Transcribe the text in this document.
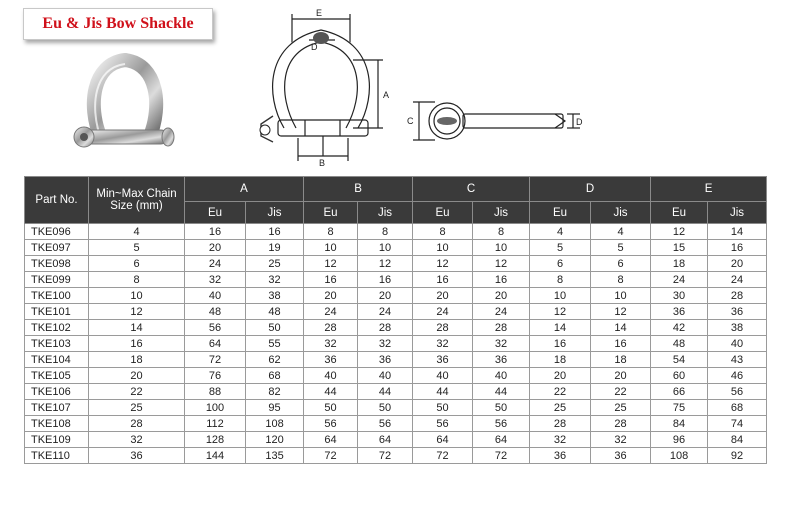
Eu & Jis Bow Shackle
E
D
A
B
C	D
Part No.	Min~Max Chain Size (mm)	A		B		C		D		E	
		Eu	Jis	Eu	Jis	Eu	Jis	Eu	Jis	Eu	Jis
TKE096	4	16	16	8	8	8	8	4	4	12	14
TKE097	5	20	19	10	10	10	10	5	5	15	16
TKE098	6	24	25	12	12	12	12	6	6	18	20
TKE099	8	32	32	16	16	16	16	8	8	24	24
TKE100	10	40	38	20	20	20	20	10	10	30	28
TKE101	12	48	48	24	24	24	24	12	12	36	36
TKE102	14	56	50	28	28	28	28	14	14	42	38
TKE103	16	64	55	32	32	32	32	16	16	48	40
TKE104	18	72	62	36	36	36	36	18	18	54	43
TKE105	20	76	68	40	40	40	40	20	20	60	46
TKE106	22	88	82	44	44	44	44	22	22	66	56
TKE107	25	100	95	50	50	50	50	25	25	75	68
TKE108	28	112	108	56	56	56	56	28	28	84	74
TKE109	32	128	120	64	64	64	64	32	32	96	84
TKE110	36	144	135	72	72	72	72	36	36	108	92
